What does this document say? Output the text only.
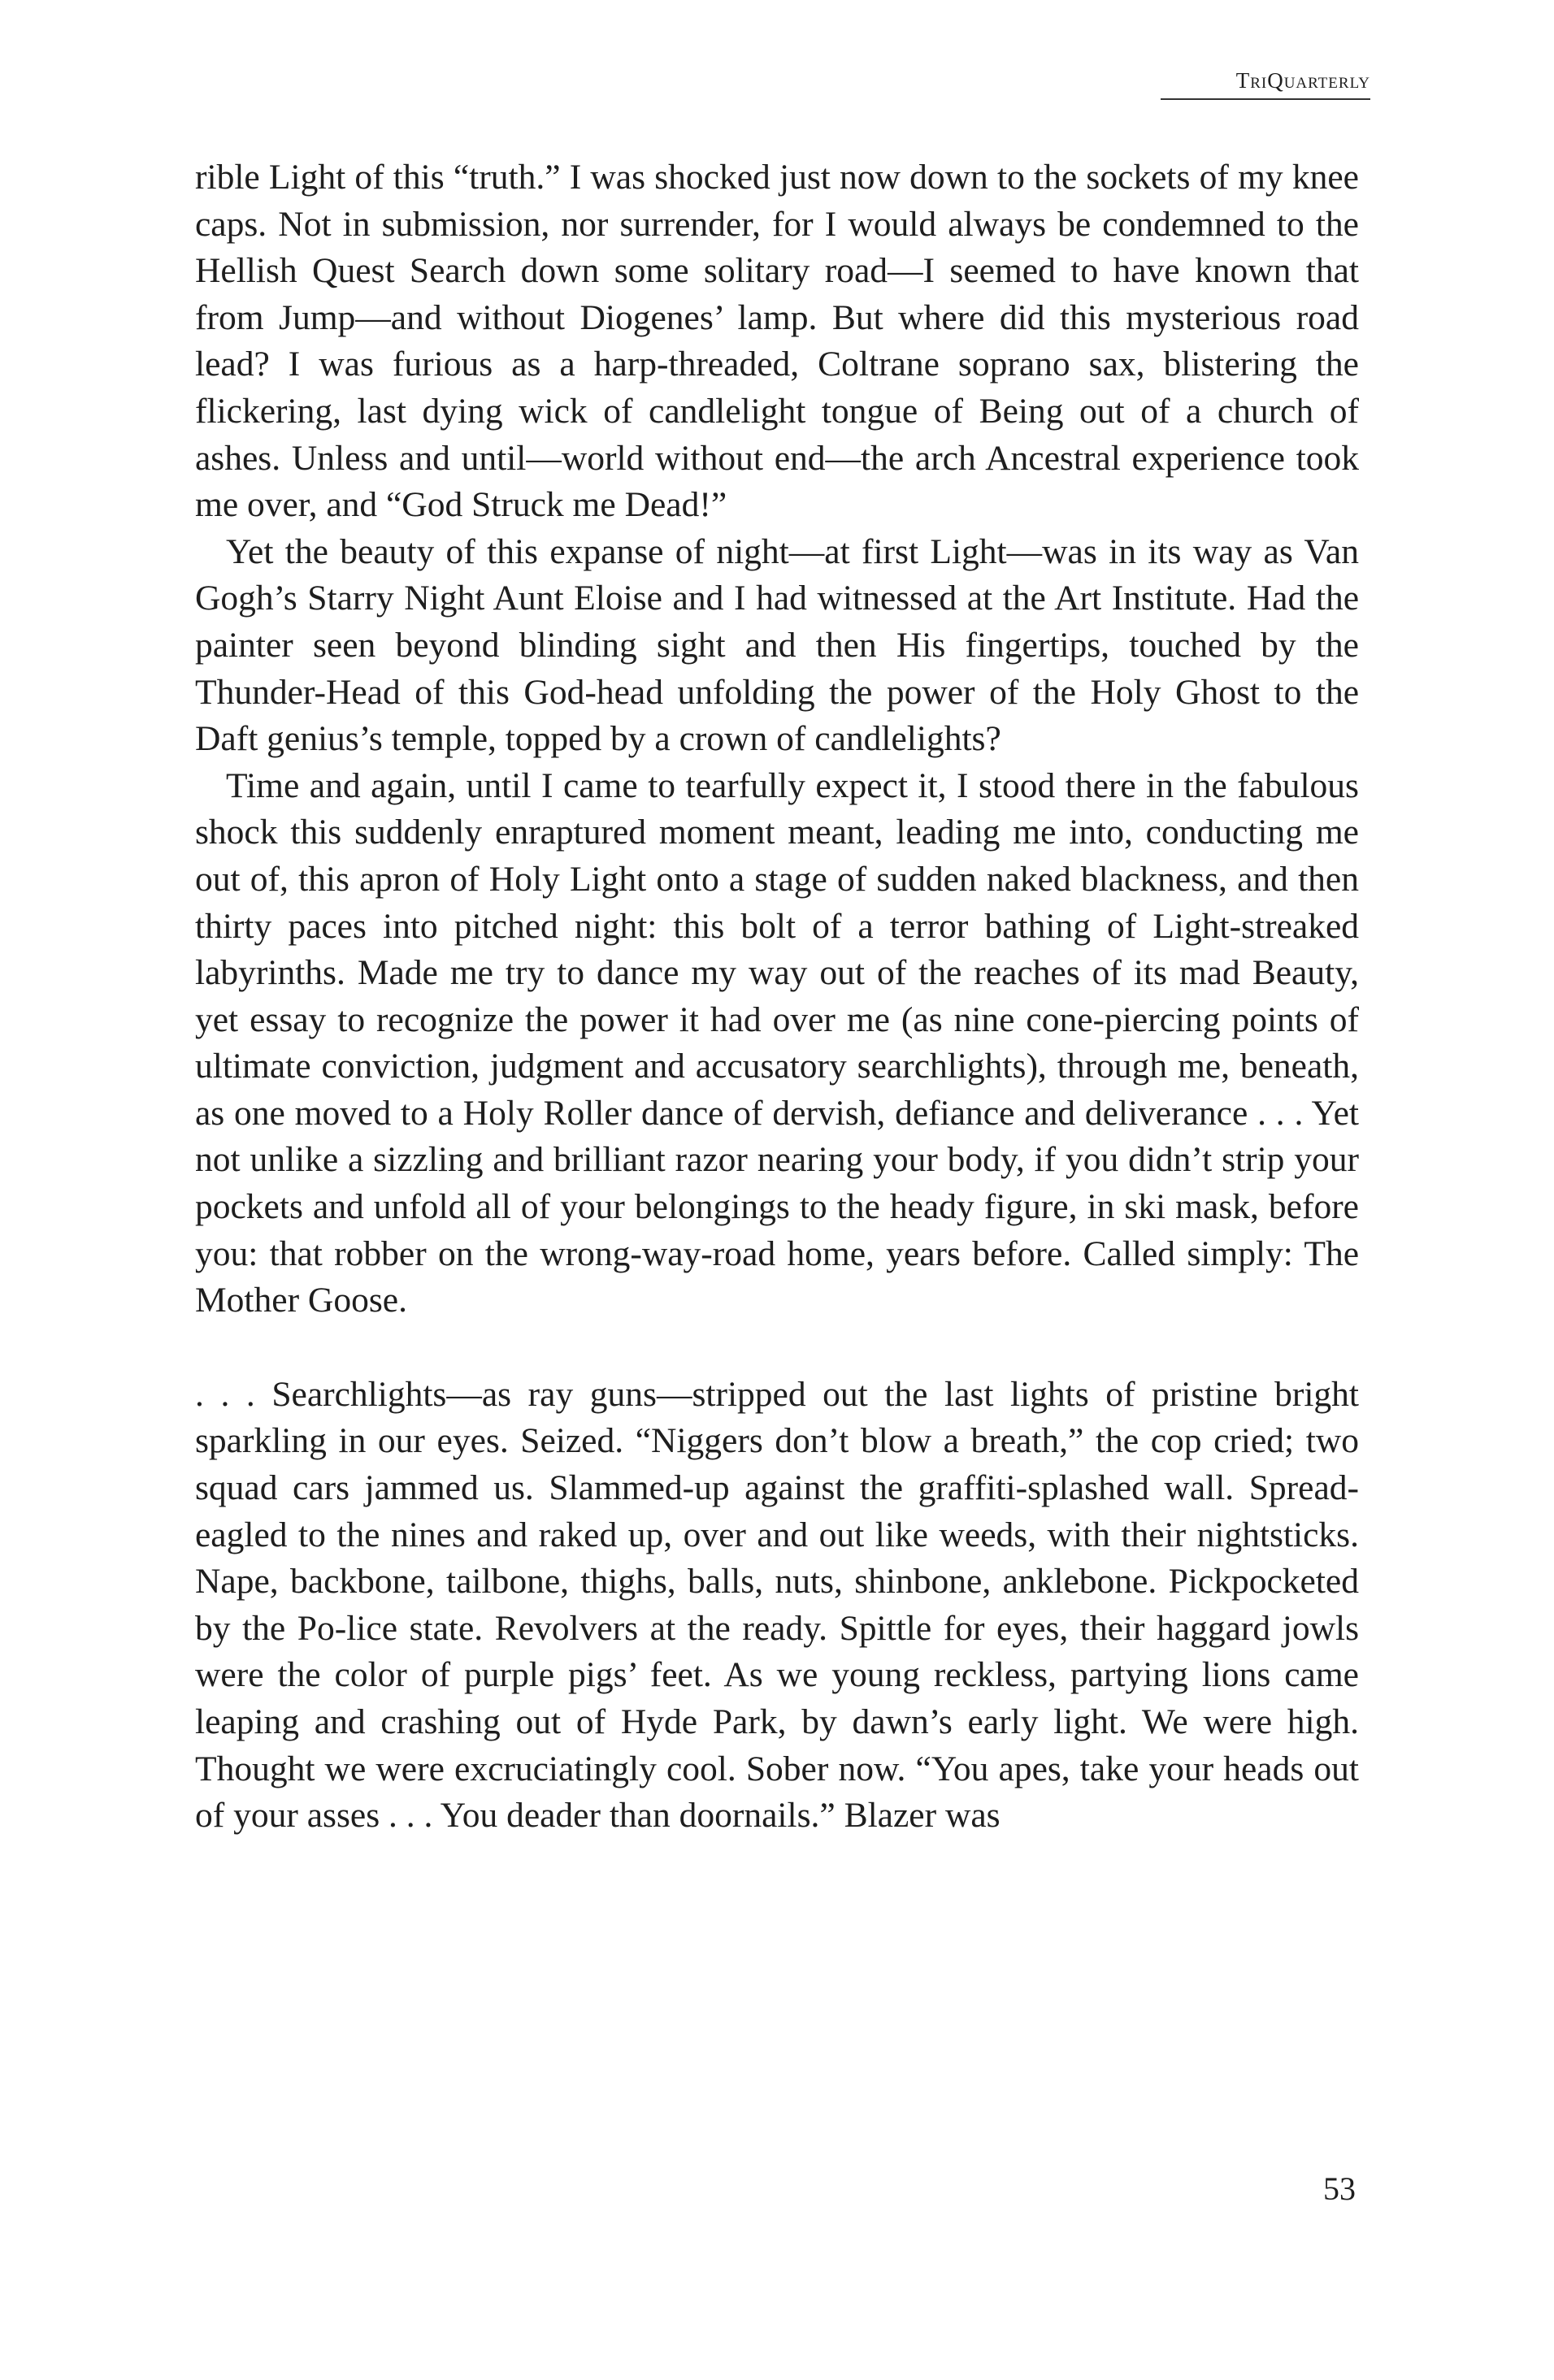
TriQuarterly

rible Light of this “truth.” I was shocked just now down to the sockets of my knee caps. Not in submission, nor surrender, for I would always be condemned to the Hellish Quest Search down some solitary road—I seemed to have known that from Jump—and without Diogenes’ lamp. But where did this mysterious road lead? I was furious as a harp-threaded, Coltrane soprano sax, blistering the flickering, last dying wick of candlelight tongue of Being out of a church of ashes. Unless and until—world without end—the arch Ancestral experience took me over, and “God Struck me Dead!”

Yet the beauty of this expanse of night—at first Light—was in its way as Van Gogh’s Starry Night Aunt Eloise and I had witnessed at the Art Institute. Had the painter seen beyond blinding sight and then His fingertips, touched by the Thunder-Head of this God-head unfolding the power of the Holy Ghost to the Daft genius’s temple, topped by a crown of candlelights?

Time and again, until I came to tearfully expect it, I stood there in the fabulous shock this suddenly enraptured moment meant, leading me into, conducting me out of, this apron of Holy Light onto a stage of sudden naked blackness, and then thirty paces into pitched night: this bolt of a terror bathing of Light-streaked labyrinths. Made me try to dance my way out of the reaches of its mad Beauty, yet essay to recognize the power it had over me (as nine cone-piercing points of ultimate conviction, judgment and accusatory searchlights), through me, beneath, as one moved to a Holy Roller dance of dervish, defiance and deliverance . . . Yet not unlike a sizzling and brilliant razor nearing your body, if you didn’t strip your pockets and unfold all of your belongings to the heady figure, in ski mask, before you: that robber on the wrong-way-road home, years before. Called simply: The Mother Goose.

. . . Searchlights—as ray guns—stripped out the last lights of pristine bright sparkling in our eyes. Seized. “Niggers don’t blow a breath,” the cop cried; two squad cars jammed us. Slammed-up against the graffiti-splashed wall. Spread-eagled to the nines and raked up, over and out like weeds, with their nightsticks. Nape, backbone, tailbone, thighs, balls, nuts, shinbone, anklebone. Pickpocketed by the Po-lice state. Revolvers at the ready. Spittle for eyes, their haggard jowls were the color of purple pigs’ feet. As we young reckless, partying lions came leaping and crashing out of Hyde Park, by dawn’s early light. We were high. Thought we were excruciatingly cool. Sober now. “You apes, take your heads out of your asses . . . You deader than doornails.” Blazer was

53
